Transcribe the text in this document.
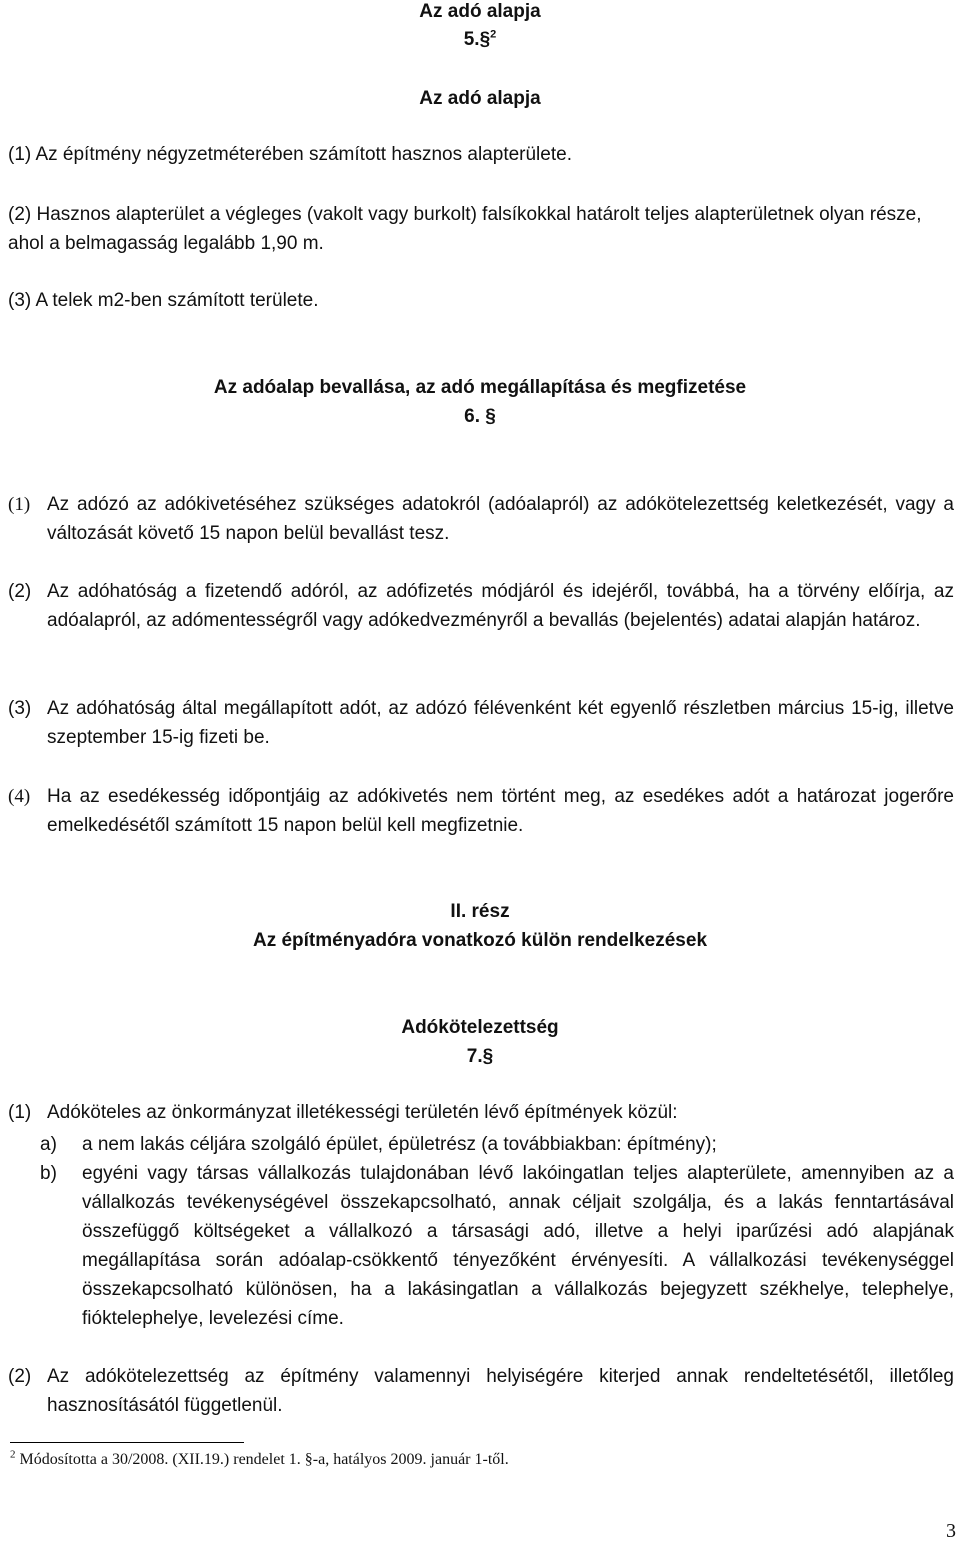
Az adó alapja
5.§$^2$
Az adó alapja
(1) Az építmény négyzetméterében számított hasznos alapterülete.
(2) Hasznos alapterület a végleges (vakolt vagy burkolt) falsíkokkal határolt teljes alapterületnek olyan része, ahol a belmagasság legalább 1,90 m.
(3) A telek m2-ben számított területe.
Az adóalap bevallása, az adó megállapítása és megfizetése
6. §
(1) Az adózó az adókivetéséhez szükséges adatokról (adóalapról) az adókötelezettség keletkezését, vagy a változását követő 15 napon belül bevallást tesz.
(2) Az adóhatóság a fizetendő adóról, az adófizetés módjáról és idejéről, továbbá, ha a törvény előírja, az adóalapról, az adómentességről vagy adókedvezményről a bevallás (bejelentés) adatai alapján határoz.
(3) Az adóhatóság által megállapított adót, az adózó félévenként két egyenlő részletben március 15-ig, illetve szeptember 15-ig fizeti be.
(4) Ha az esedékesség időpontjáig az adókivetés nem történt meg, az esedékes adót a határozat jogerőre emelkedésétől számított 15 napon belül kell megfizetnie.
II. rész
Az építményadóra vonatkozó külön rendelkezések
Adókötelezettség
7.§
(1) Adóköteles az önkormányzat illetékességi területén lévő építmények közül:
a) a nem lakás céljára szolgáló épület, épületrész (a továbbiakban: építmény);
b) egyéni vagy társas vállalkozás tulajdonában lévő lakóingatlan teljes alapterülete, amennyiben az a vállalkozás tevékenységével összekapcsolható, annak céljait szolgálja, és a lakás fenntartásával összefüggő költségeket a vállalkozó a társasági adó, illetve a helyi iparűzési adó alapjának megállapítása során adóalap-csökkentő tényezőként érvényesíti. A vállalkozási tevékenységgel összekapcsolható különösen, ha a lakásingatlan a vállalkozás bejegyzett székhelye, telephelye, fióktelephelye, levelezési címe.
(2) Az adókötelezettség az építmény valamennyi helyiségére kiterjed annak rendeltetésétől, illetőleg hasznosításától függetlenül.
$^2$ Módosította a 30/2008. (XII.19.) rendelet 1. §-a, hatályos 2009. január 1-től.
3
